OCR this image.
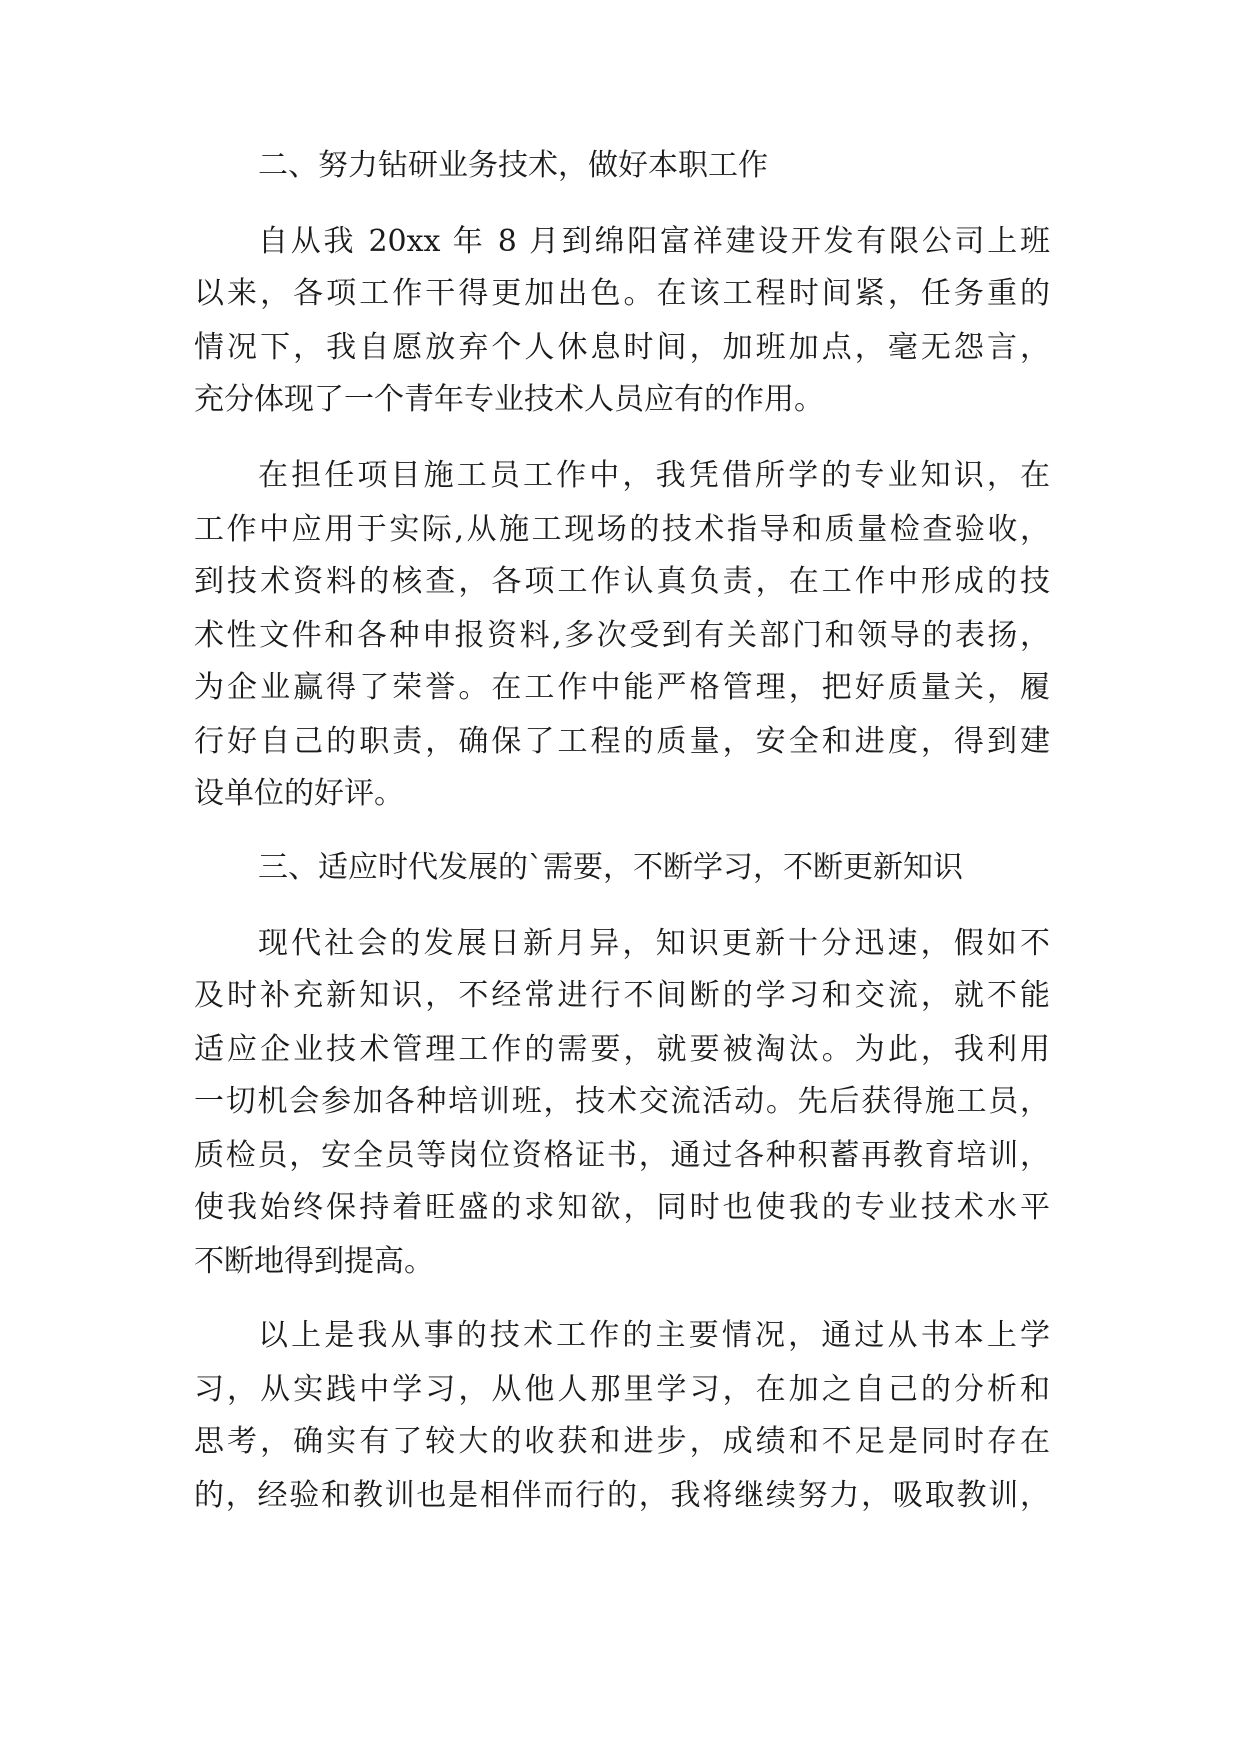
二、努力钻研业务技术，做好本职工作
自从我 20xx 年 8 月到绵阳富祥建设开发有限公司上班
以来，各项工作干得更加出色。在该工程时间紧，任务重的
情况下，我自愿放弃个人休息时间，加班加点，毫无怨言，
充分体现了一个青年专业技术人员应有的作用。
在担任项目施工员工作中，我凭借所学的专业知识，在
工作中应用于实际,从施工现场的技术指导和质量检查验收，
到技术资料的核查，各项工作认真负责，在工作中形成的技
术性文件和各种申报资料,多次受到有关部门和领导的表扬，
为企业赢得了荣誉。在工作中能严格管理，把好质量关，履
行好自己的职责，确保了工程的质量，安全和进度，得到建
设单位的好评。
三、适应时代发展的`需要，不断学习，不断更新知识
现代社会的发展日新月异，知识更新十分迅速，假如不
及时补充新知识，不经常进行不间断的学习和交流，就不能
适应企业技术管理工作的需要，就要被淘汰。为此，我利用
一切机会参加各种培训班，技术交流活动。先后获得施工员，
质检员，安全员等岗位资格证书，通过各种积蓄再教育培训，
使我始终保持着旺盛的求知欲，同时也使我的专业技术水平
不断地得到提高。
以上是我从事的技术工作的主要情况，通过从书本上学
习，从实践中学习，从他人那里学习，在加之自己的分析和
思考，确实有了较大的收获和进步，成绩和不足是同时存在
的，经验和教训也是相伴而行的，我将继续努力，吸取教训，
